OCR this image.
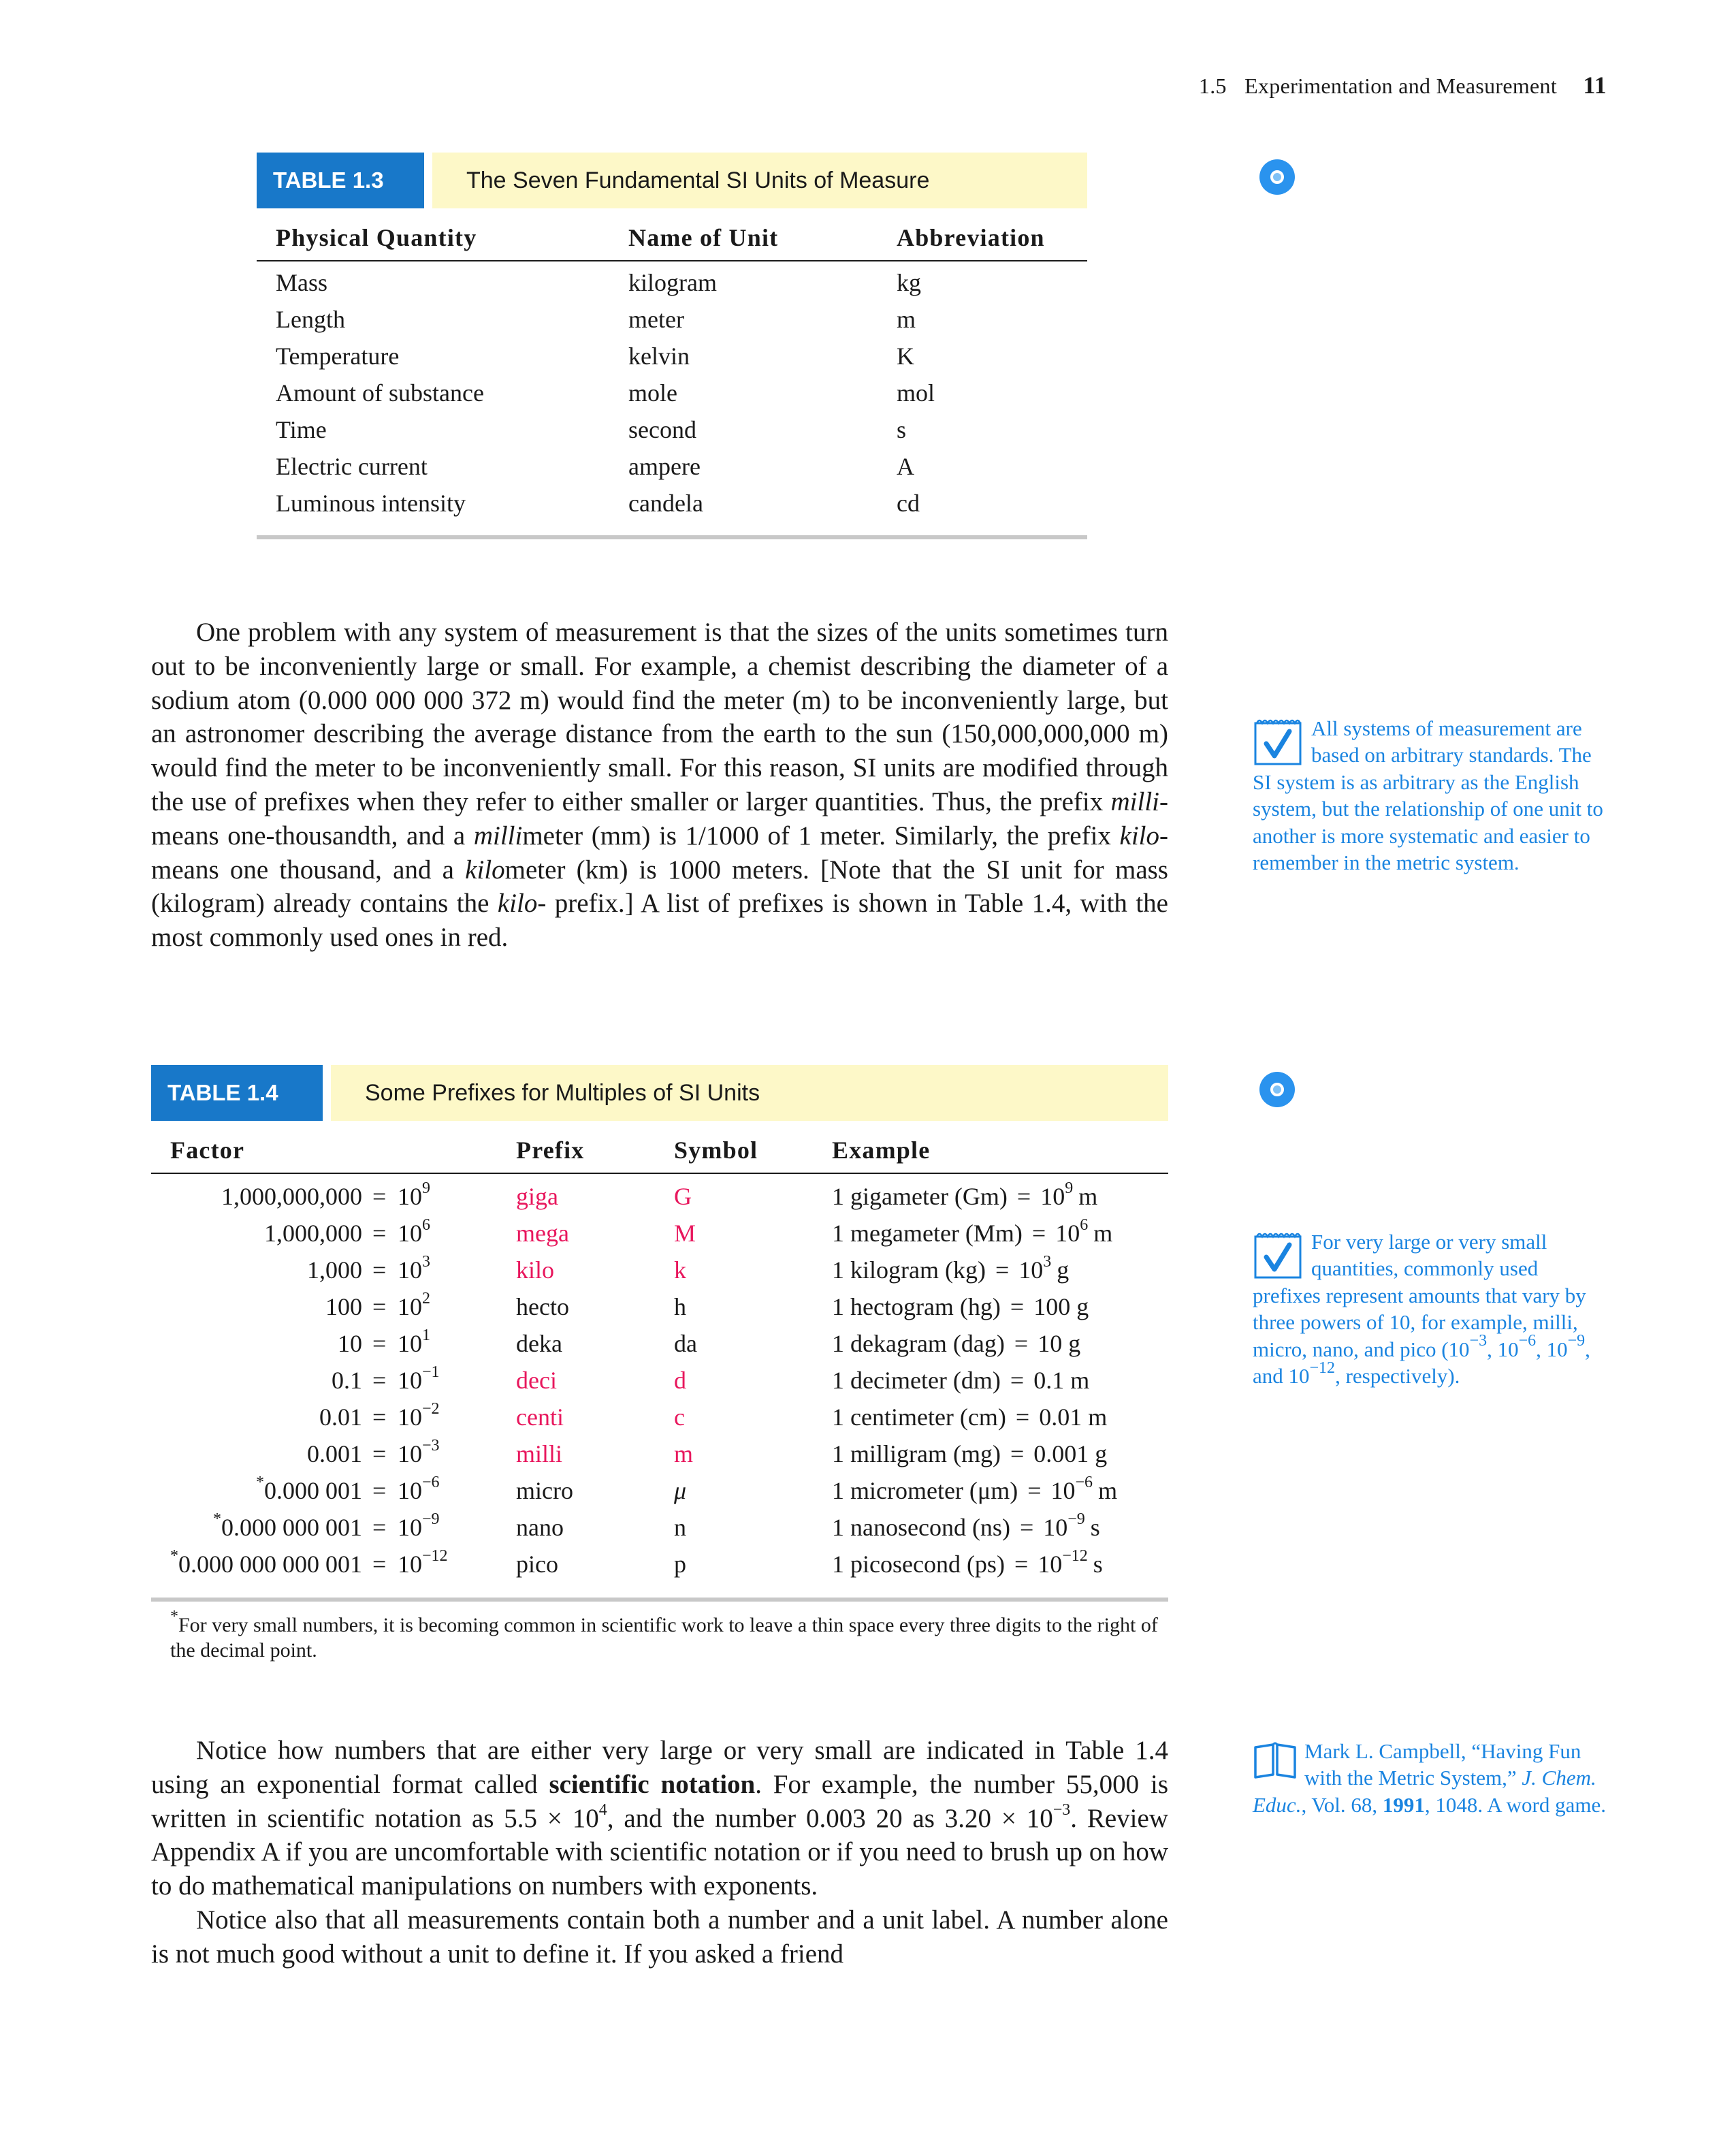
1.5 Experimentation and Measurement 11
TABLE 1.3	The Seven Fundamental SI Units of Measure
Physical Quantity	Name of Unit	Abbreviation
Mass	kilogram	kg
Length	meter	m
Temperature	kelvin	K
Amount of substance	mole	mol
Time	second	s
Electric current	ampere	A
Luminous intensity	candela	cd

One problem with any system of measurement is that the sizes of the units sometimes turn out to be inconveniently large or small. For example, a chemist describing the diameter of a sodium atom (0.000 000 000 372 m) would find the meter (m) to be inconveniently large, but an astronomer describing the average distance from the earth to the sun (150,000,000,000 m) would find the meter to be inconveniently small. For this reason, SI units are modified through the use of prefixes when they refer to either smaller or larger quantities. Thus, the prefix milli- means one-thousandth, and a millimeter (mm) is 1/1000 of 1 meter. Similarly, the prefix kilo- means one thousand, and a kilometer (km) is 1000 meters. [Note that the SI unit for mass (kilogram) already contains the kilo- prefix.] A list of prefixes is shown in Table 1.4, with the most commonly used ones in red.

All systems of measurement are based on arbitrary standards. The SI system is as arbitrary as the English system, but the relationship of one unit to another is more systematic and easier to remember in the metric system.
TABLE 1.4	Some Prefixes for Multiples of SI Units
Factor	Prefix	Symbol	Example
$1,000,000,000 = 10^9$	giga	G	1 gigameter $(Gm) = 10^9$ m
$1,000,000 = 10^6$	mega	M	1 megameter $(Mm) = 10^6$ m
$1,000 = 10^3$	kilo	k	1 kilogram $(kg) = 10^3$ g
$100 = 10^2$	hecto	h	1 hectogram (hg) = 100 g
$10 = 10^1$	deka	da	1 dekagram (dag) = 10 g
$0.1 = 10^{-1}$	deci	d	1 decimeter (dm) = 0.1 m
$0.01 = 10^{-2}$	centi	c	1 centimeter (cm) = 0.01 m
$0.001 = 10^{-3}$	milli	m	1 milligram (mg) = 0.001 g
*0.000 $001 = 10^{-6}$	micro	μ	1 micrometer $(\mu m) = 10^{-6}$ m
*0.000 000 $001 = 10^{-9}$	nano	n	1 nanosecond $(ns) = 10^{-9}$ s
*0.000 000 000 $001 = 10^{-12}$	pico	p	1 picosecond $(ps) = 10^{-12}$ s
*For very small numbers, it is becoming common in scientific work to leave a thin space every three digits to the right of the decimal point.
For very large or very small quantities, commonly used prefixes represent amounts that vary by three powers of 10, for example, milli, micro, nano, and pico ($10^{-3}$, $10^{-6}$, $10^{-9}$, and $10^{-12}$, respectively).

Notice how numbers that are either very large or very small are indicated in Table 1.4 using an exponential format called scientific notation. For example, the number 55,000 is written in scientific notation as $5.5 \times 10^4$, and the number 0.003 20 as $3.20 \times 10^{-3}$. Review Appendix A if you are uncomfortable with scientific notation or if you need to brush up on how to do mathematical manipulations on numbers with exponents.

Notice also that all measurements contain both a number and a unit label. A number alone is not much good without a unit to define it. If you asked a friend

Mark L. Campbell, “Having Fun with the Metric System,” J. Chem. Educ., Vol. 68, 1991, 1048. A word game.
